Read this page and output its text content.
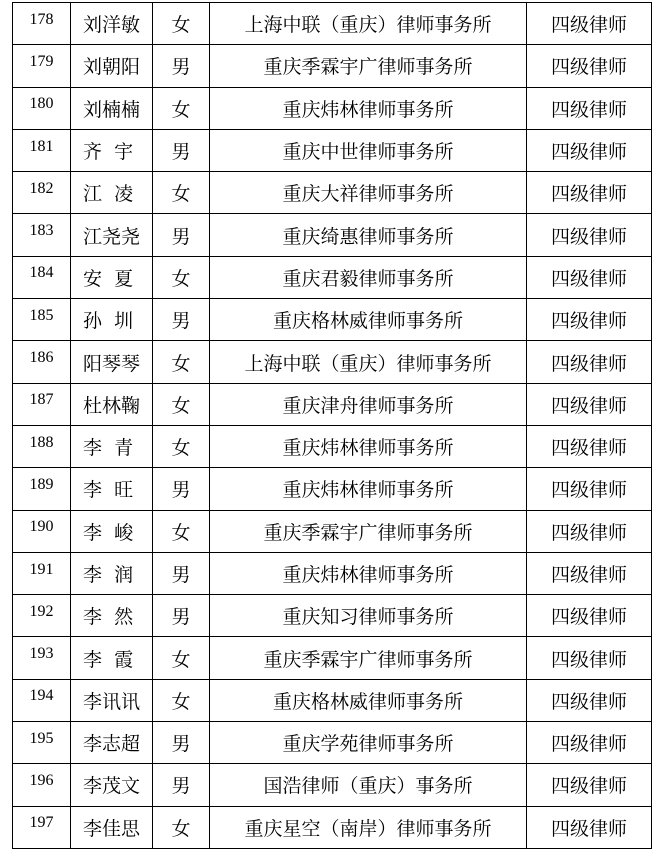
178	刘洋敏	女	上海中联（重庆）律师事务所	四级律师
179	刘朝阳	男	重庆季霖宇广律师事务所	四级律师
180	刘楠楠	女	重庆炜林律师事务所	四级律师
181	齐  宇	男	重庆中世律师事务所	四级律师
182	江  凌	女	重庆大祥律师事务所	四级律师
183	江尧尧	男	重庆绮惠律师事务所	四级律师
184	安  夏	女	重庆君毅律师事务所	四级律师
185	孙  圳	男	重庆格林威律师事务所	四级律师
186	阳琴琴	女	上海中联（重庆）律师事务所	四级律师
187	杜林鞠	女	重庆津舟律师事务所	四级律师
188	李  青	女	重庆炜林律师事务所	四级律师
189	李  旺	男	重庆炜林律师事务所	四级律师
190	李  峻	女	重庆季霖宇广律师事务所	四级律师
191	李  润	男	重庆炜林律师事务所	四级律师
192	李  然	男	重庆知习律师事务所	四级律师
193	李  霞	女	重庆季霖宇广律师事务所	四级律师
194	李讯讯	女	重庆格林威律师事务所	四级律师
195	李志超	男	重庆学苑律师事务所	四级律师
196	李茂文	男	国浩律师（重庆）事务所	四级律师
197	李佳思	女	重庆星空（南岸）律师事务所	四级律师
